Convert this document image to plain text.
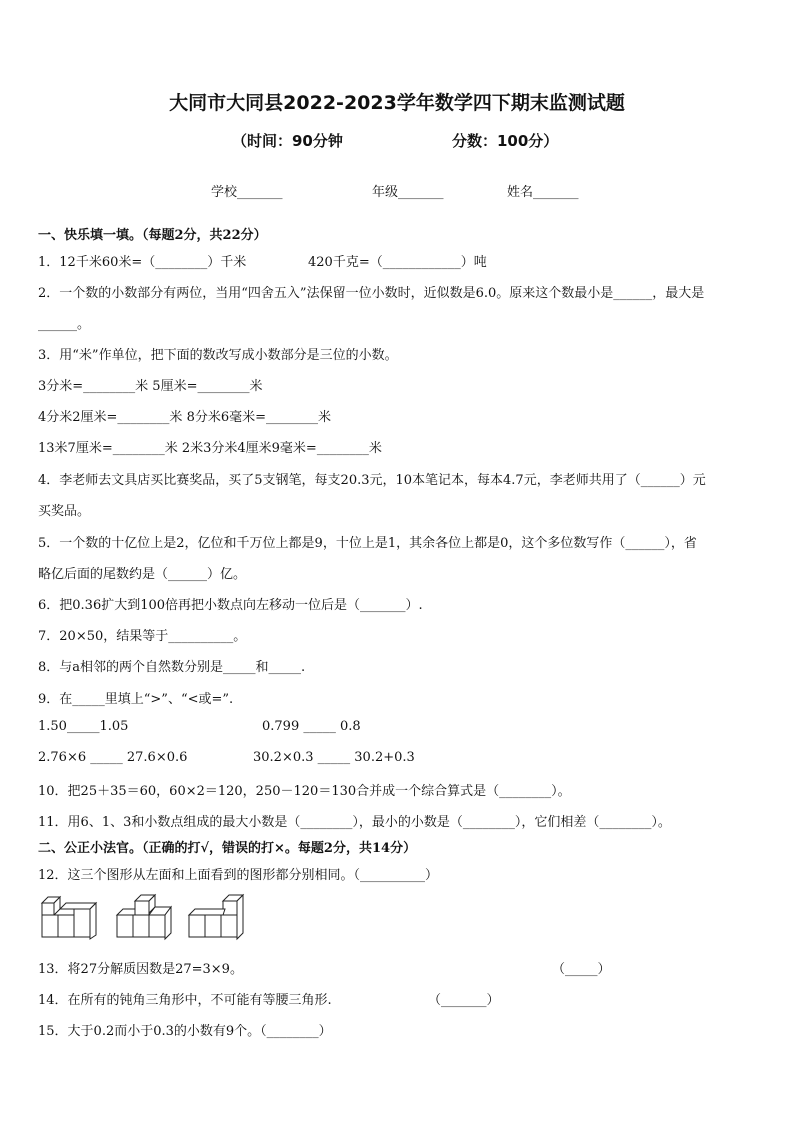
大同市大同县2022-2023学年数学四下期末监测试题
（时间：90分钟	分数：100分）
学校_______	年级_______	姓名_______
一、快乐填一填。（每题2分，共22分）
1．12千米60米=（________）千米	420千克=（____________）吨
2．一个数的小数部分有两位，当用“四舍五入”法保留一位小数时，近似数是6.0。原来这个数最小是______，最大是
______。
3．用“米”作单位，把下面的数改写成小数部分是三位的小数。
3分米=________米 5厘米=________米
4分米2厘米=________米 8分米6毫米=________米
13米7厘米=________米 2米3分米4厘米9毫米=________米
4．李老师去文具店买比赛奖品，买了5支钢笔，每支20.3元，10本笔记本，每本4.7元，李老师共用了（______）元
买奖品。
5．一个数的十亿位上是2，亿位和千万位上都是9，十位上是1，其余各位上都是0，这个多位数写作（______），省
略亿后面的尾数约是（______）亿。
6．把0.36扩大到100倍再把小数点向左移动一位后是（_______）.
7．20×50，结果等于__________。
8．与a相邻的两个自然数分别是_____和_____.
9．在_____里填上“>”、“<或=”.
1.50_____1.05	0.799 _____ 0.8
2.76×6 _____ 27.6×0.6	30.2×0.3 _____ 30.2+0.3
10．把25＋35＝60，60×2＝120，250－120＝130合并成一个综合算式是（________）。
11．用6、1、3和小数点组成的最大小数是（________），最小的小数是（________），它们相差（________）。
二、公正小法官。（正确的打√，错误的打×。每题2分，共14分）
12．这三个图形从左面和上面看到的图形都分别相同。（__________）
13．将27分解质因数是27=3×9。	（_____）
14．在所有的钝角三角形中，不可能有等腰三角形.	（_______）
15．大于0.2而小于0.3的小数有9个。（________）
